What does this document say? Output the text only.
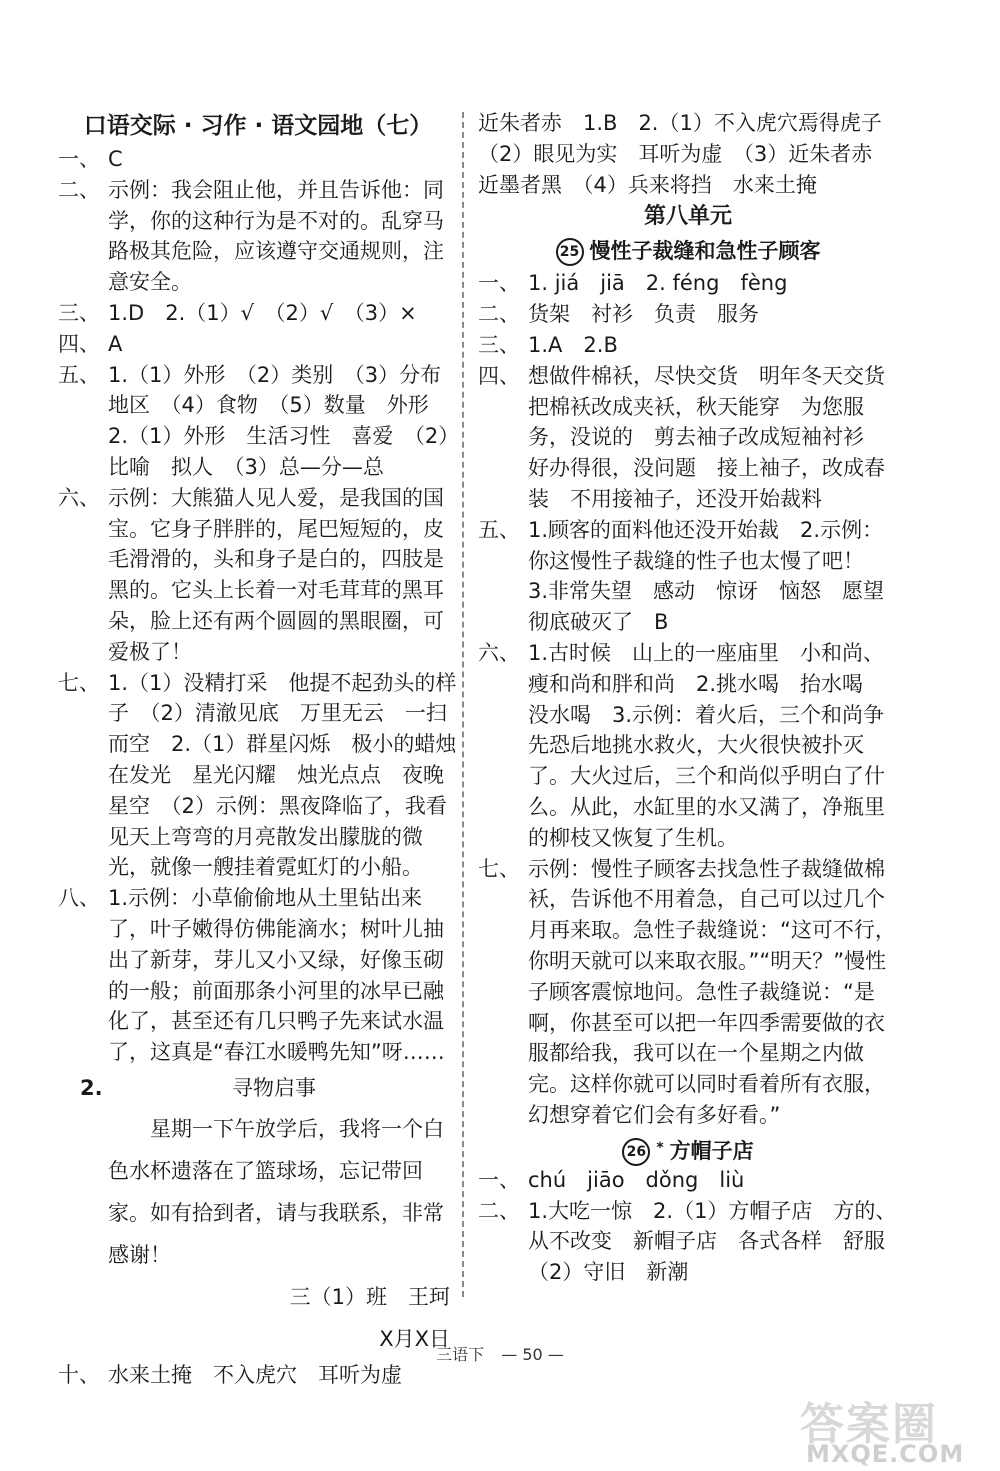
口语交际 · 习作 · 语文园地（七）
一、 C
二、 示例：我会阻止他，并且告诉他：同学，你的这种行为是不对的。乱穿马路极其危险，应该遵守交通规则，注意安全。
三、 1.D　2.（1）√　（2）√　（3）×
四、 A
五、 1.（1）外形　（2）类别　（3）分布地区　（4）食物　（5）数量　外形　2.（1）外形　生活习性　喜爱　（2）比喻　拟人　（3）总—分—总
六、 示例：大熊猫人见人爱，是我国的国宝。它身子胖胖的，尾巴短短的，皮毛滑滑的，头和身子是白的，四肢是黑的。它头上长着一对毛茸茸的黑耳朵，脸上还有两个圆圆的黑眼圈，可爱极了！
七、 1.（1）没精打采　他提不起劲头的样子　（2）清澈见底　万里无云　一扫而空　2.（1）群星闪烁　极小的蜡烛在发光　星光闪耀　烛光点点　夜晚星空　（2）示例：黑夜降临了，我看见天上弯弯的月亮散发出朦胧的微光，就像一艘挂着霓虹灯的小船。
八、 1.示例：小草偷偷地从土里钻出来了，叶子嫩得仿佛能滴水；树叶儿抽出了新芽，芽儿又小又绿，好像玉砌的一般；前面那条小河里的冰早已融化了，甚至还有几只鸭子先来试水温了，这真是“春江水暖鸭先知”呀……
2.	寻物启事
　　星期一下午放学后，我将一个白色水杯遗落在了篮球场，忘记带回家。如有拾到者，请与我联系，非常感谢！
三（1）班　王珂
X月X日
十、 水来土掩　不入虎穴　耳听为虚
近朱者赤　1.B　2.（1）不入虎穴焉得虎子　（2）眼见为实　耳听为虚　（3）近朱者赤　近墨者黑　（4）兵来将挡　水来土掩
第八单元
25 慢性子裁缝和急性子顾客
一、 1. jiá　jiā　2. féng　fèng
二、 货架　衬衫　负责　服务
三、 1.A　2.B
四、 想做件棉袄，尽快交货　明年冬天交货　把棉袄改成夹袄，秋天能穿　为您服务，没说的　剪去袖子改成短袖衬衫　好办得很，没问题　接上袖子，改成春装　不用接袖子，还没开始裁料
五、 1.顾客的面料他还没开始裁　2.示例：你这慢性子裁缝的性子也太慢了吧！　3.非常失望　感动　惊讶　恼怒　愿望彻底破灭了　B
六、 1.古时候　山上的一座庙里　小和尚、瘦和尚和胖和尚　2.挑水喝　抬水喝　没水喝　3.示例：着火后，三个和尚争先恐后地挑水救火，大火很快被扑灭了。大火过后，三个和尚似乎明白了什么。从此，水缸里的水又满了，净瓶里的柳枝又恢复了生机。
七、 示例：慢性子顾客去找急性子裁缝做棉袄，告诉他不用着急，自己可以过几个月再来取。急性子裁缝说：“这可不行，你明天就可以来取衣服。”“明天？”慢性子顾客震惊地问。急性子裁缝说：“是啊，你甚至可以把一年四季需要做的衣服都给我，我可以在一个星期之内做完。这样你就可以同时看着所有衣服，幻想穿着它们会有多好看。”
26 * 方帽子店
一、 chú　jiāo　dǒng　liù
二、 1.大吃一惊　2.（1）方帽子店　方的、从不改变　新帽子店　各式各样　舒服　（2）守旧　新潮
三语下 — 50 —
答案圈
MXQE.COM
